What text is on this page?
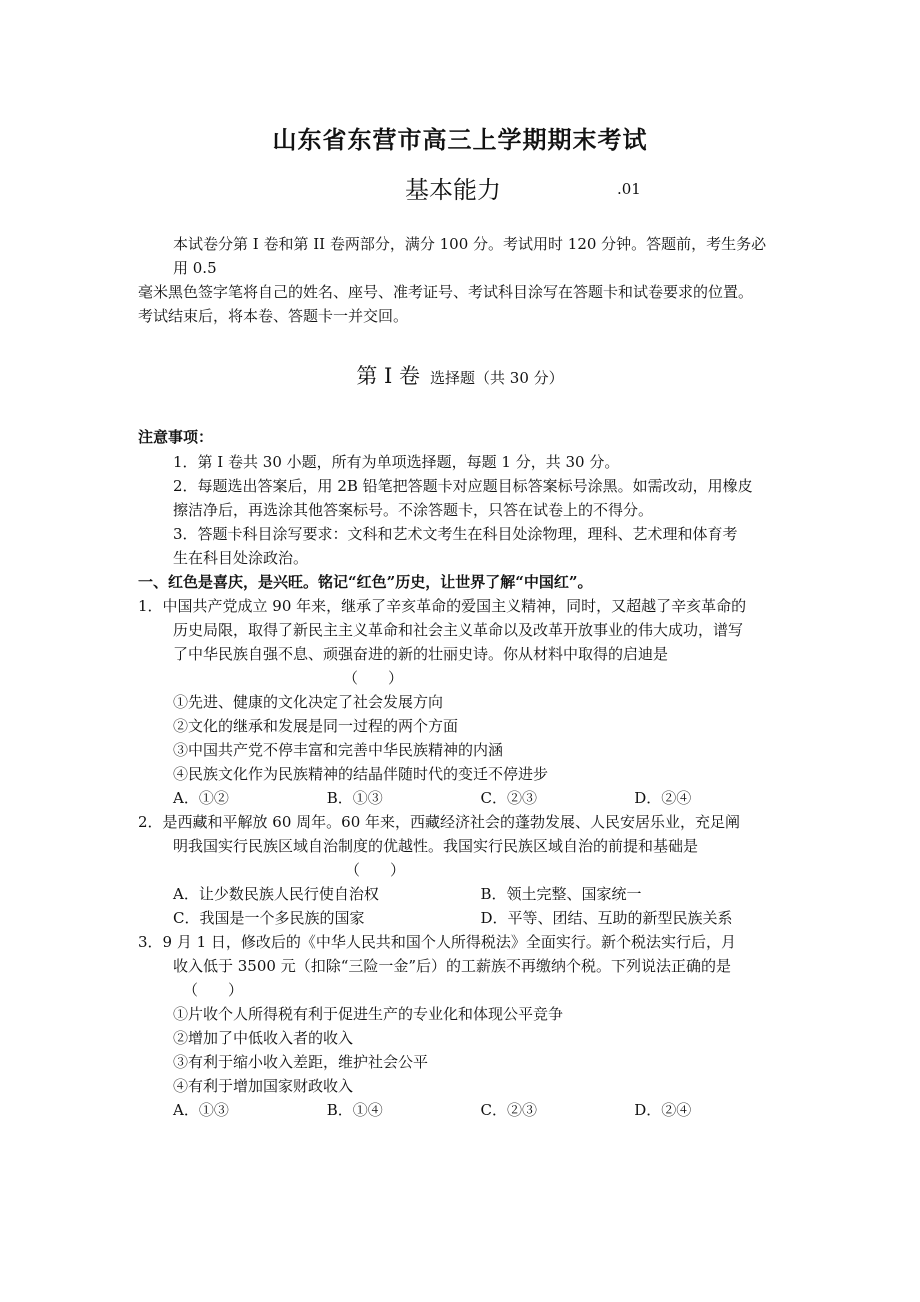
山东省东营市高三上学期期末考试
基本能力	.01
本试卷分第 I 卷和第 II 卷两部分，满分 100 分。考试用时 120 分钟。答题前，考生务必
用 0.5
毫米黑色签字笔将自己的姓名、座号、准考证号、考试科目涂写在答题卡和试卷要求的位置。
考试结束后，将本卷、答题卡一并交回。
第 I 卷 选择题（共 30 分）
注意事项：
1．第 I 卷共 30 小题，所有为单项选择题，每题 1 分，共 30 分。
2．每题选出答案后，用 2B 铅笔把答题卡对应题目标答案标号涂黑。如需改动，用橡皮
擦洁净后，再选涂其他答案标号。不涂答题卡，只答在试卷上的不得分。
3．答题卡科目涂写要求：文科和艺术文考生在科目处涂物理，理科、艺术理和体育考
生在科目处涂政治。
一、红色是喜庆，是兴旺。铭记“红色”历史，让世界了解“中国红”。
1．中国共产党成立 90 年来，继承了辛亥革命的爱国主义精神，同时，又超越了辛亥革命的
历史局限，取得了新民主主义革命和社会主义革命以及改革开放事业的伟大成功，谱写
了中华民族自强不息、顽强奋进的新的壮丽史诗。你从材料中取得的启迪是
（　　）
①先进、健康的文化决定了社会发展方向
②文化的继承和发展是同一过程的两个方面
③中国共产党不停丰富和完善中华民族精神的内涵
④民族文化作为民族精神的结晶伴随时代的变迁不停进步
A．①②	B．①③	C．②③	D．②④
2．是西藏和平解放 60 周年。60 年来，西藏经济社会的蓬勃发展、人民安居乐业，充足阐
明我国实行民族区域自治制度的优越性。我国实行民族区域自治的前提和基础是
（　　）
A．让少数民族人民行使自治权	B．领土完整、国家统一
C．我国是一个多民族的国家	D．平等、团结、互助的新型民族关系
3．9 月 1 日，修改后的《中华人民共和国个人所得税法》全面实行。新个税法实行后，月
收入低于 3500 元（扣除“三险一金”后）的工薪族不再缴纳个税。下列说法正确的是
（　　）
①片收个人所得税有利于促进生产的专业化和体现公平竞争
②增加了中低收入者的收入
③有利于缩小收入差距，维护社会公平
④有利于增加国家财政收入
A．①③	B．①④	C．②③	D．②④
